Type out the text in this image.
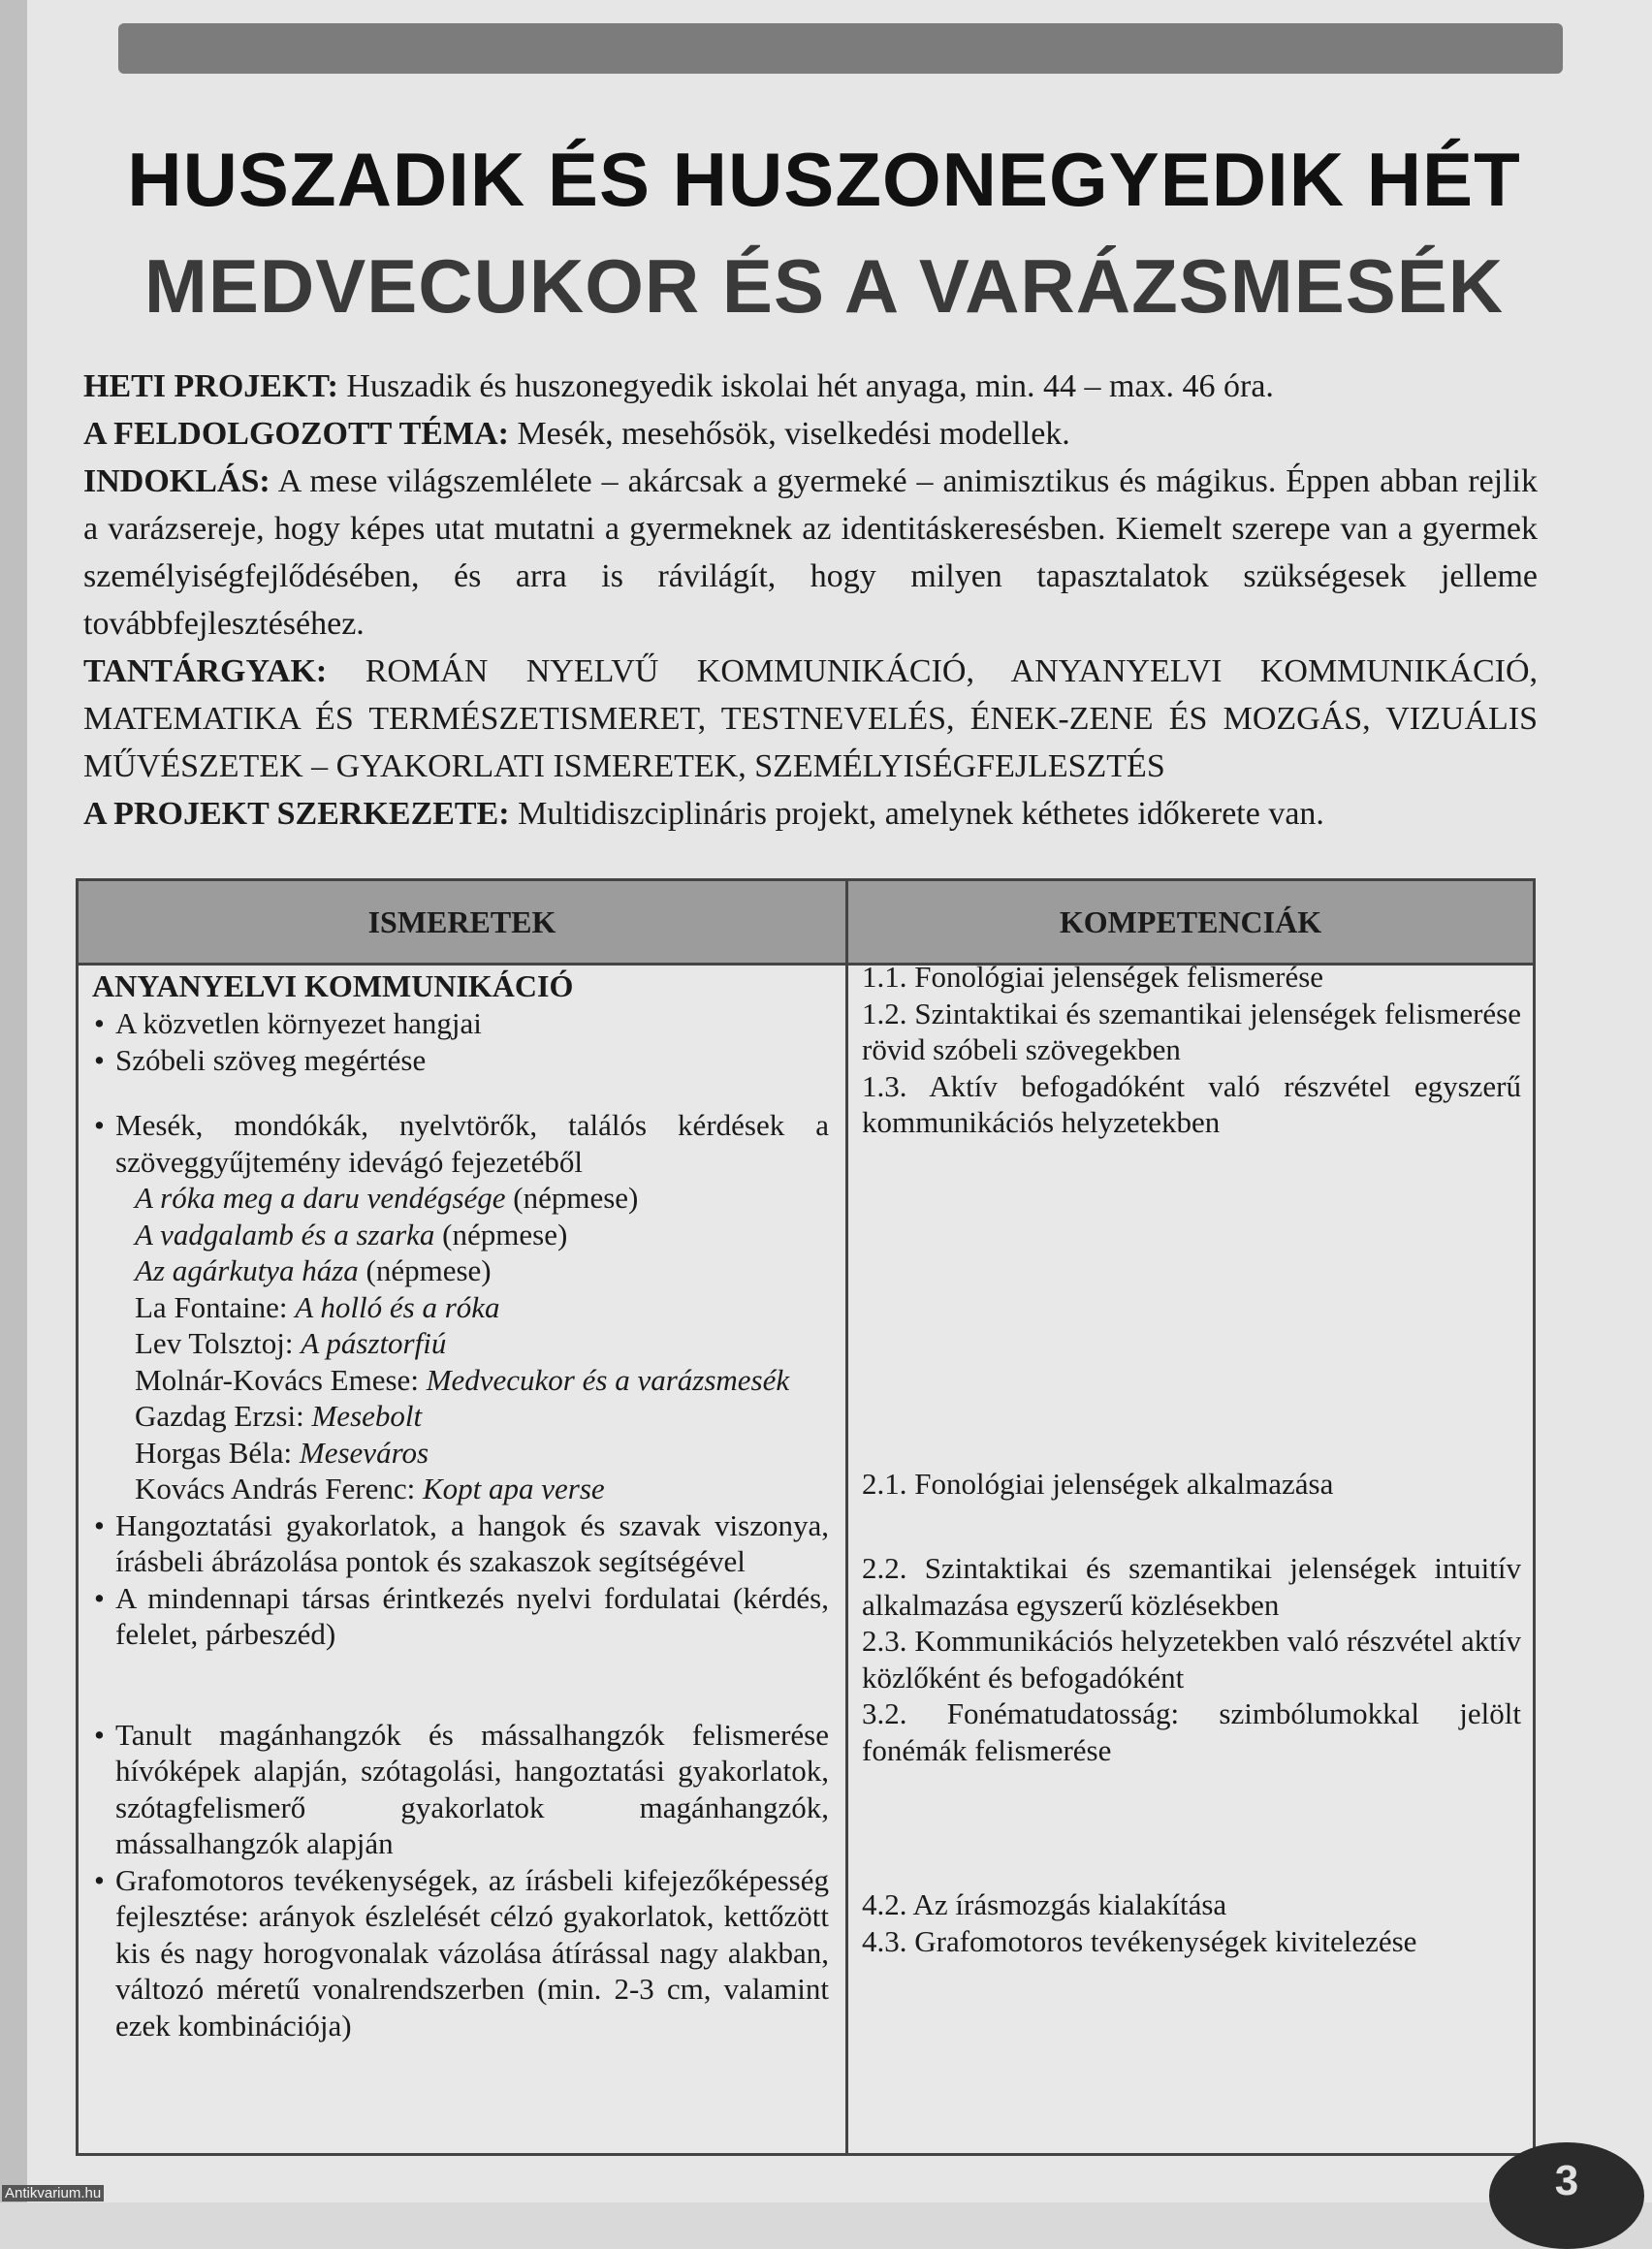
HUSZADIK ÉS HUSZONEGYEDIK HÉT
MEDVECUKOR ÉS A VARÁZSMESÉK

HETI PROJEKT: Huszadik és huszonegyedik iskolai hét anyaga, min. 44 – max. 46 óra.

A FELDOLGOZOTT TÉMA: Mesék, mesehősök, viselkedési modellek.

INDOKLÁS: A mese világszemlélete – akárcsak a gyermeké – animisztikus és mágikus. Éppen abban rejlik a varázsereje, hogy képes utat mutatni a gyermeknek az identitáskeresésben. Kiemelt szerepe van a gyermek személyiségfejlődésében, és arra is rávilágít, hogy milyen tapasztalatok szükségesek jelleme továbbfejlesztéséhez.

TANTÁRGYAK: ROMÁN NYELVŰ KOMMUNIKÁCIÓ, ANYANYELVI KOMMUNIKÁCIÓ, MATEMATIKA ÉS TERMÉSZETISMERET, TESTNEVELÉS, ÉNEK-ZENE ÉS MOZGÁS, VIZUÁLIS MŰVÉSZETEK – GYAKORLATI ISMERETEK, SZEMÉLYISÉGFEJLESZTÉS

A PROJEKT SZERKEZETE: Multidiszciplináris projekt, amelynek kéthetes időkerete van.

ISMERETEK	KOMPETENCIÁK
ANYANYELVI KOMMUNIKÁCIÓ
• A közvetlen környezet hangjai
• Szóbeli szöveg megértése
• Mesék, mondókák, nyelvtörők, találós kérdések a szöveggyűjtemény idevágó fejezetéből
A róka meg a daru vendégsége (népmese)
A vadgalamb és a szarka (népmese)
Az agárkutya háza (népmese)
La Fontaine: A holló és a róka
Lev Tolsztoj: A pásztorfiú
Molnár-Kovács Emese: Medvecukor és a varázsmesék
Gazdag Erzsi: Mesebolt
Horgas Béla: Meseváros
Kovács András Ferenc: Kopt apa verse
• Hangoztatási gyakorlatok, a hangok és szavak viszonya, írásbeli ábrázolása pontok és szakaszok segítségével
• A mindennapi társas érintkezés nyelvi fordulatai (kérdés, felelet, párbeszéd)
• Tanult magánhangzók és mássalhangzók felismerése hívóképek alapján, szótagolási, hangoztatási gyakorlatok, szótagfelismerő gyakorlatok magánhangzók, mássalhangzók alapján
• Grafomotoros tevékenységek, az írásbeli kifejezőképesség fejlesztése: arányok észlelését célzó gyakorlatok, kettőzött kis és nagy horogvonalak vázolása átírással nagy alakban, változó méretű vonalrendszerben (min. 2-3 cm, valamint ezek kombinációja)

1.1. Fonológiai jelenségek felismerése

1.2. Szintaktikai és szemantikai jelenségek felismerése rövid szóbeli szövegekben

1.3. Aktív befogadóként való részvétel egyszerű kommunikációs helyzetekben

2.1. Fonológiai jelenségek alkalmazása

2.2. Szintaktikai és szemantikai jelenségek intuitív alkalmazása egyszerű közlésekben

2.3. Kommunikációs helyzetekben való részvétel aktív közlőként és befogadóként

3.2. Fonématudatosság: szimbólumokkal jelölt fonémák felismerése

4.2. Az írásmozgás kialakítása

4.3. Grafomotoros tevékenységek kivitelezése

3
Antikvarium.hu
